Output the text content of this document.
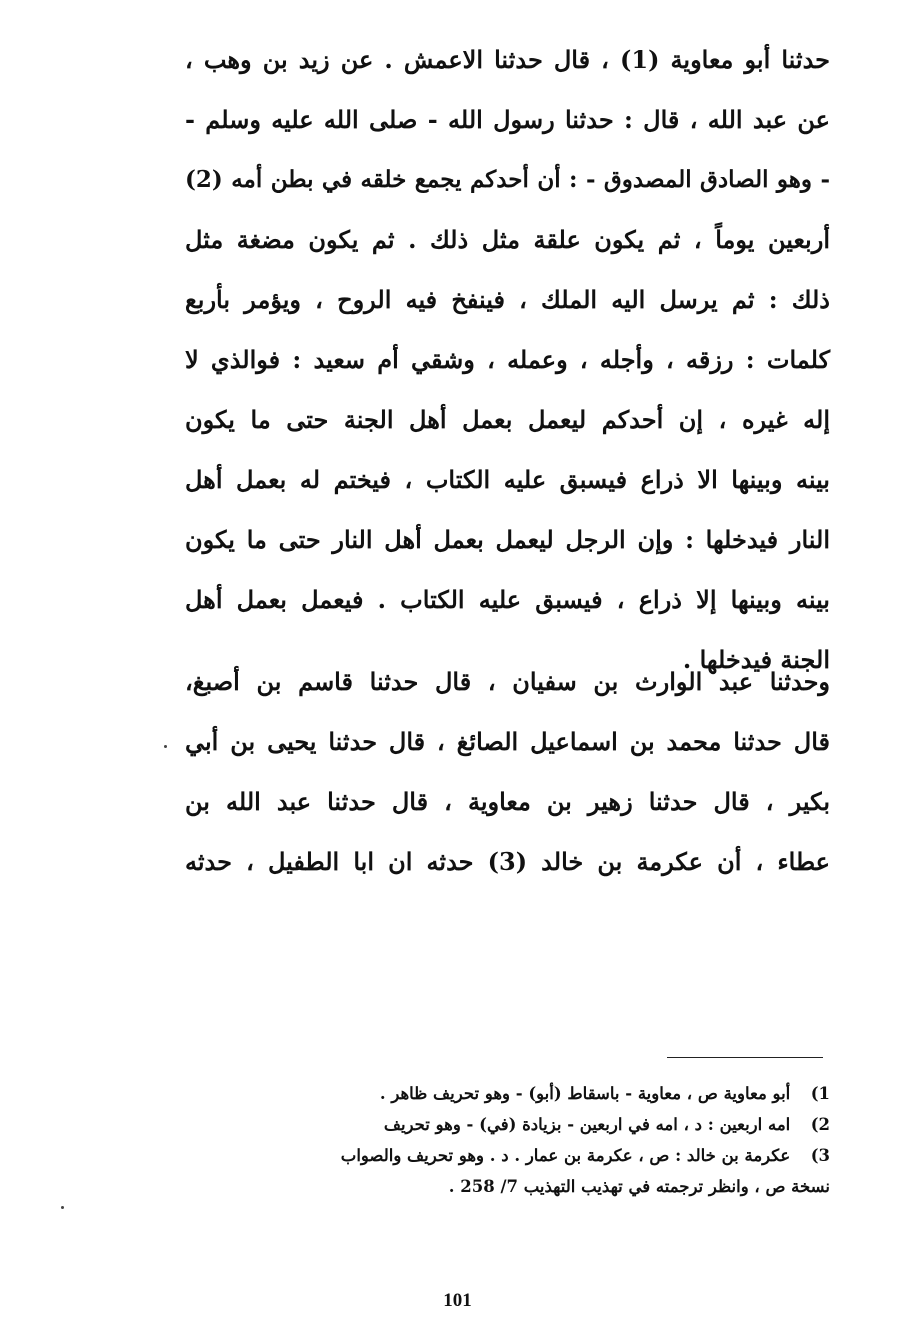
حدثنا أبو معاوية (1) ، قال حدثنا الاعمش . عن زيد بن وهب ،
عن عبد الله ، قال : حدثنا رسول الله - صلى الله عليه وسلم -
- وهو الصادق المصدوق - : أن أحدكم يجمع خلقه في بطن أمه (2)
أربعين يوماً ، ثم يكون علقة مثل ذلك . ثم يكون مضغة مثل
ذلك : ثم يرسل اليه الملك ، فينفخ فيه الروح ، ويؤمر بأربع
كلمات : رزقه ، وأجله ، وعمله ، وشقي أم سعيد : فوالذي لا
إله غيره ، إن أحدكم ليعمل بعمل أهل الجنة حتى ما يكون
بينه وبينها الا ذراع فيسبق عليه الكتاب ، فيختم له بعمل أهل
النار فيدخلها : وإن الرجل ليعمل بعمل أهل النار حتى ما يكون
بينه وبينها إلا ذراع ، فيسبق عليه الكتاب . فيعمل بعمل أهل
الجنة فيدخلها .
وحدثنا عبد الوارث بن سفيان ، قال حدثنا قاسم بن أصبغ،
قال حدثنا محمد بن اسماعيل الصائغ ، قال حدثنا يحيى بن أبي
بكير ، قال حدثنا زهير بن معاوية ، قال حدثنا عبد الله بن
عطاء ، أن عكرمة بن خالد (3) حدثه ان ابا الطفيل ، حدثه
1) أبو معاوية ص ، معاوية - باسقاط (أبو) - وهو تحريف ظاهر .
2) امه اربعين : د ، امه في اربعين - بزيادة (في) - وهو تحريف
3) عكرمة بن خالد : ص ، عكرمة بن عمار . د . وهو تحريف والصواب
نسخة ص ، وانظر ترجمته في تهذيب التهذيب 7/ 258 .
101
